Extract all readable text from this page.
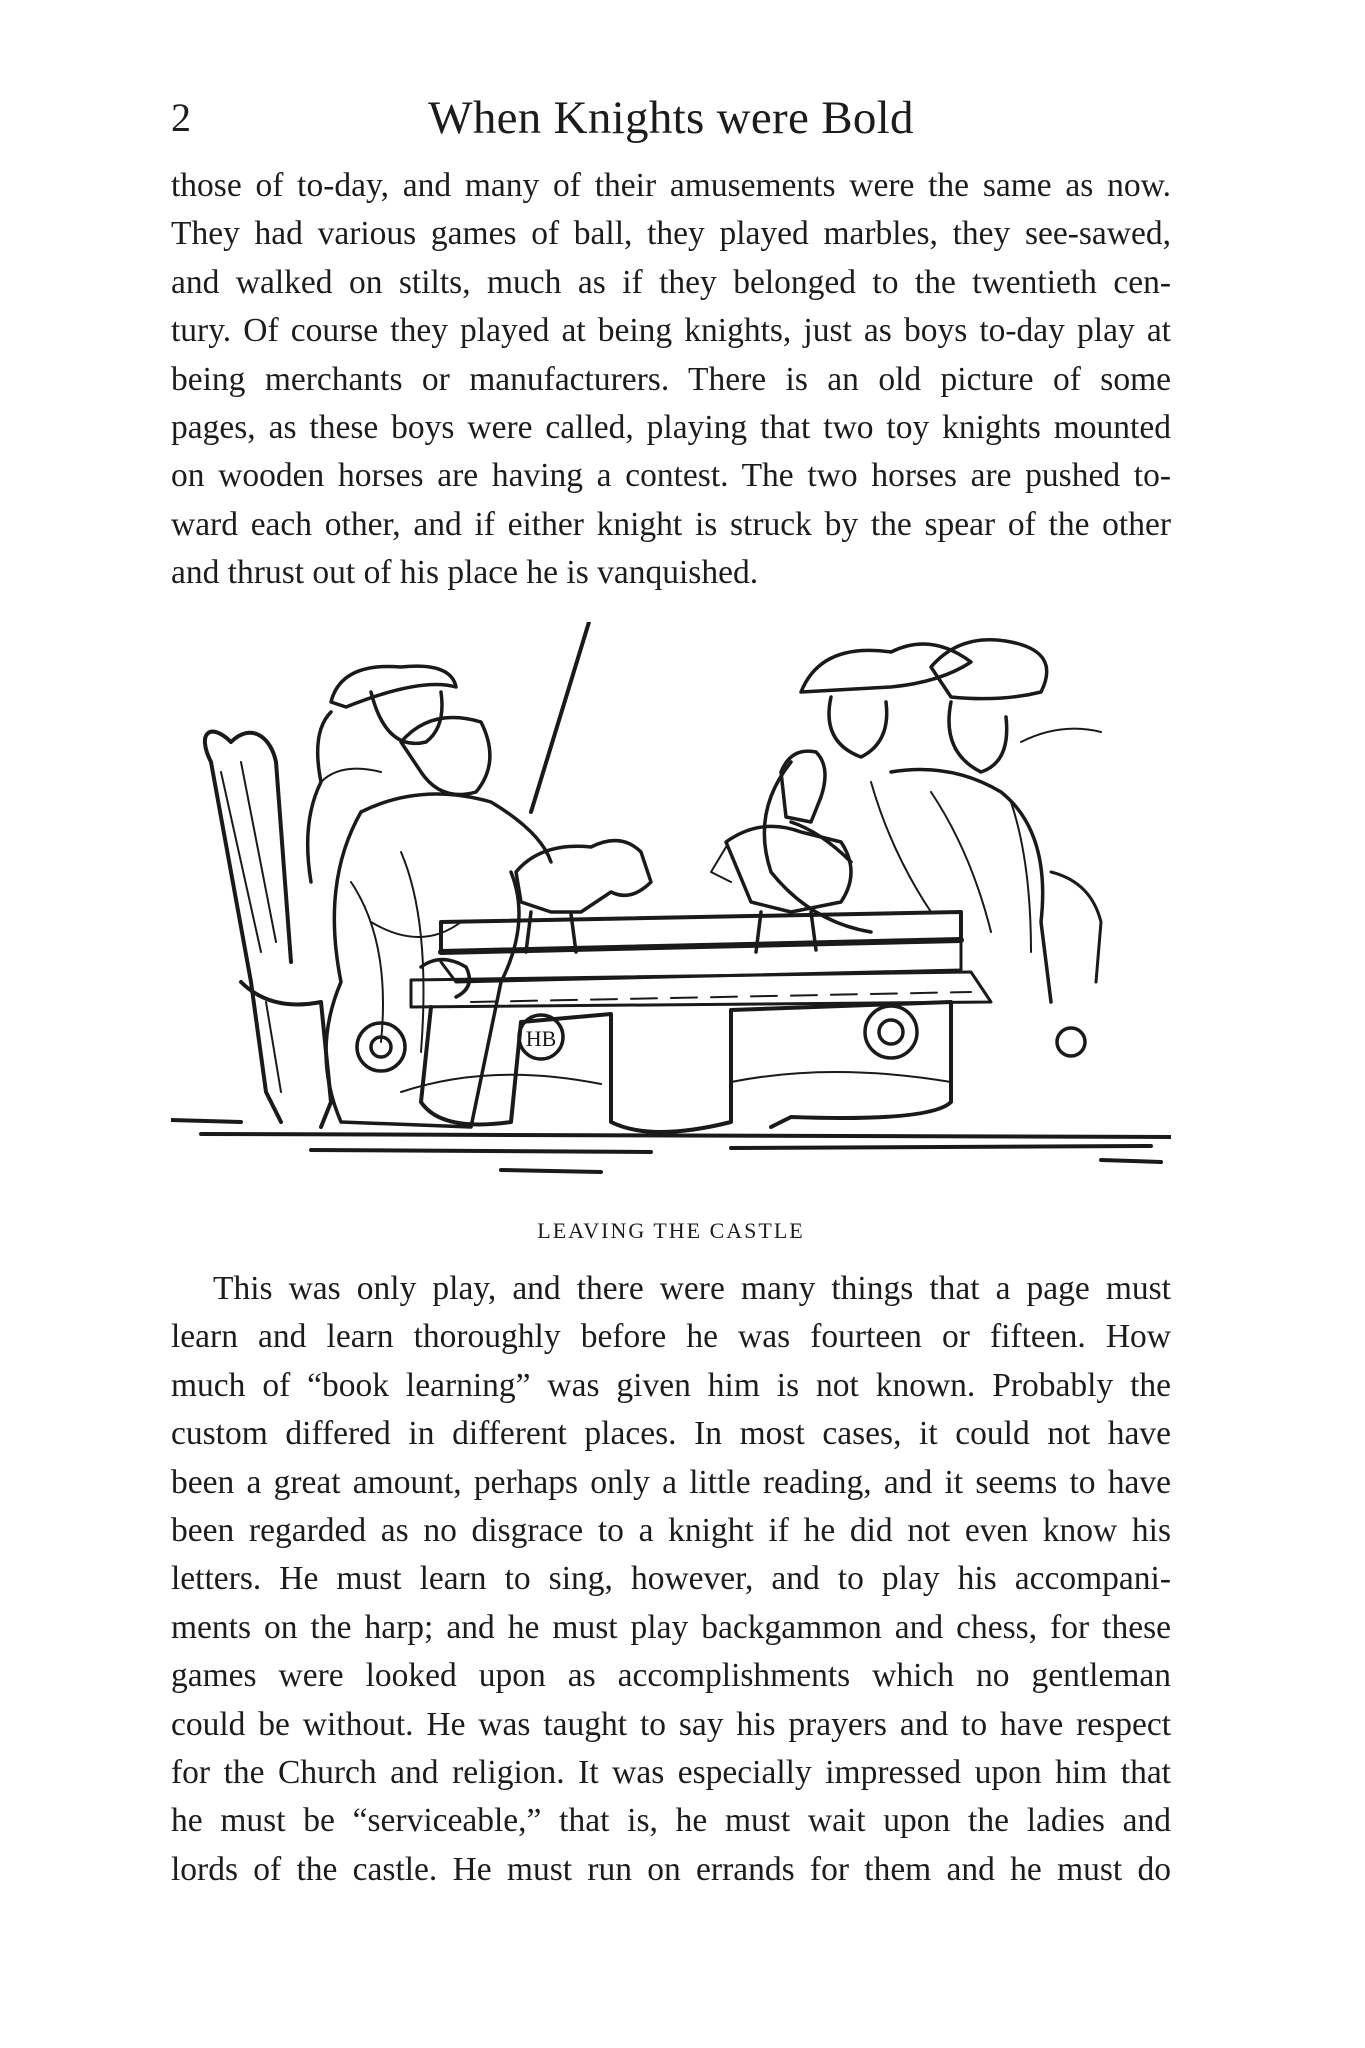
2	When Knights were Bold

those of to-day, and many of their amusements were the same as now.
They had various games of ball, they played marbles, they see-sawed,
and walked on stilts, much as if they belonged to the twentieth cen-
tury. Of course they played at being knights, just as boys to-day play at
being merchants or manufacturers. There is an old picture of some
pages, as these boys were called, playing that two toy knights mounted
on wooden horses are having a contest. The two horses are pushed to-
ward each other, and if either knight is struck by the spear of the other
and thrust out of his place he is vanquished.

HB
LEAVING THE CASTLE

This was only play, and there were many things that a page must
learn and learn thoroughly before he was fourteen or fifteen. How
much of “book learning” was given him is not known. Probably the
custom differed in different places. In most cases, it could not have
been a great amount, perhaps only a little reading, and it seems to have
been regarded as no disgrace to a knight if he did not even know his
letters. He must learn to sing, however, and to play his accompani-
ments on the harp; and he must play backgammon and chess, for these
games were looked upon as accomplishments which no gentleman
could be without. He was taught to say his prayers and to have respect
for the Church and religion. It was especially impressed upon him that
he must be “serviceable,” that is, he must wait upon the ladies and
lords of the castle. He must run on errands for them and he must do
